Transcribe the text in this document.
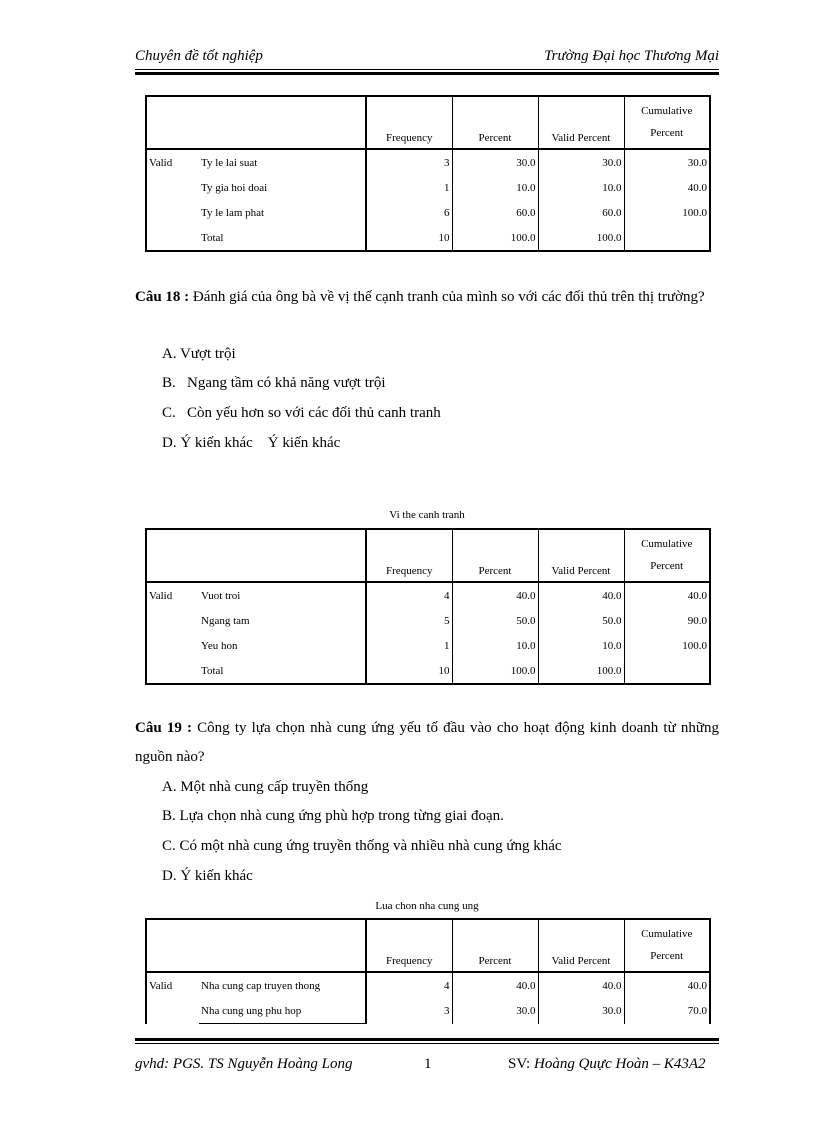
Chuyên đề tốt nghiệp	Trường Đại học Thương Mại
		Frequency	Percent	Valid Percent	Cumulative
Percent
Valid	Ty le lai suat	3	30.0	30.0	30.0
	Ty gia hoi doai	1	10.0	10.0	40.0
	Ty le lam phat	6	60.0	60.0	100.0
	Total	10	100.0	100.0	
Câu 18 : Đánh giá của ông bà về vị thế cạnh tranh của mình so với các đối thủ trên thị trường?
A. Vượt trội
B.   Ngang tầm có khả năng vượt trội
C.   Còn yếu hơn so với các đối thủ canh tranh
D. Ý kiến khác    Ý kiến khác
Vi the canh tranh
		Frequency	Percent	Valid Percent	Cumulative
Percent
Valid	Vuot troi	4	40.0	40.0	40.0
	Ngang tam	5	50.0	50.0	90.0
	Yeu hon	1	10.0	10.0	100.0
	Total	10	100.0	100.0	
Câu 19 : Công ty lựa chọn nhà cung ứng yếu tố đầu vào cho hoạt động kinh doanh từ những nguồn nào?
A. Một nhà cung cấp truyền thống
B. Lựa chọn nhà cung ứng phù hợp trong từng giai đoạn.
C. Có một nhà cung ứng truyền thống và nhiều nhà cung ứng khác
D. Ý kiến khác
Lua chon nha cung ung
		Frequency	Percent	Valid Percent	Cumulative
Percent
Valid	Nha cung cap truyen thong	4	40.0	40.0	40.0
	Nha cung ung phu hop	3	30.0	30.0	70.0
gvhd: PGS. TS Nguyễn Hoàng Long	1	SV: Hoàng Quực Hoàn – K43A2
